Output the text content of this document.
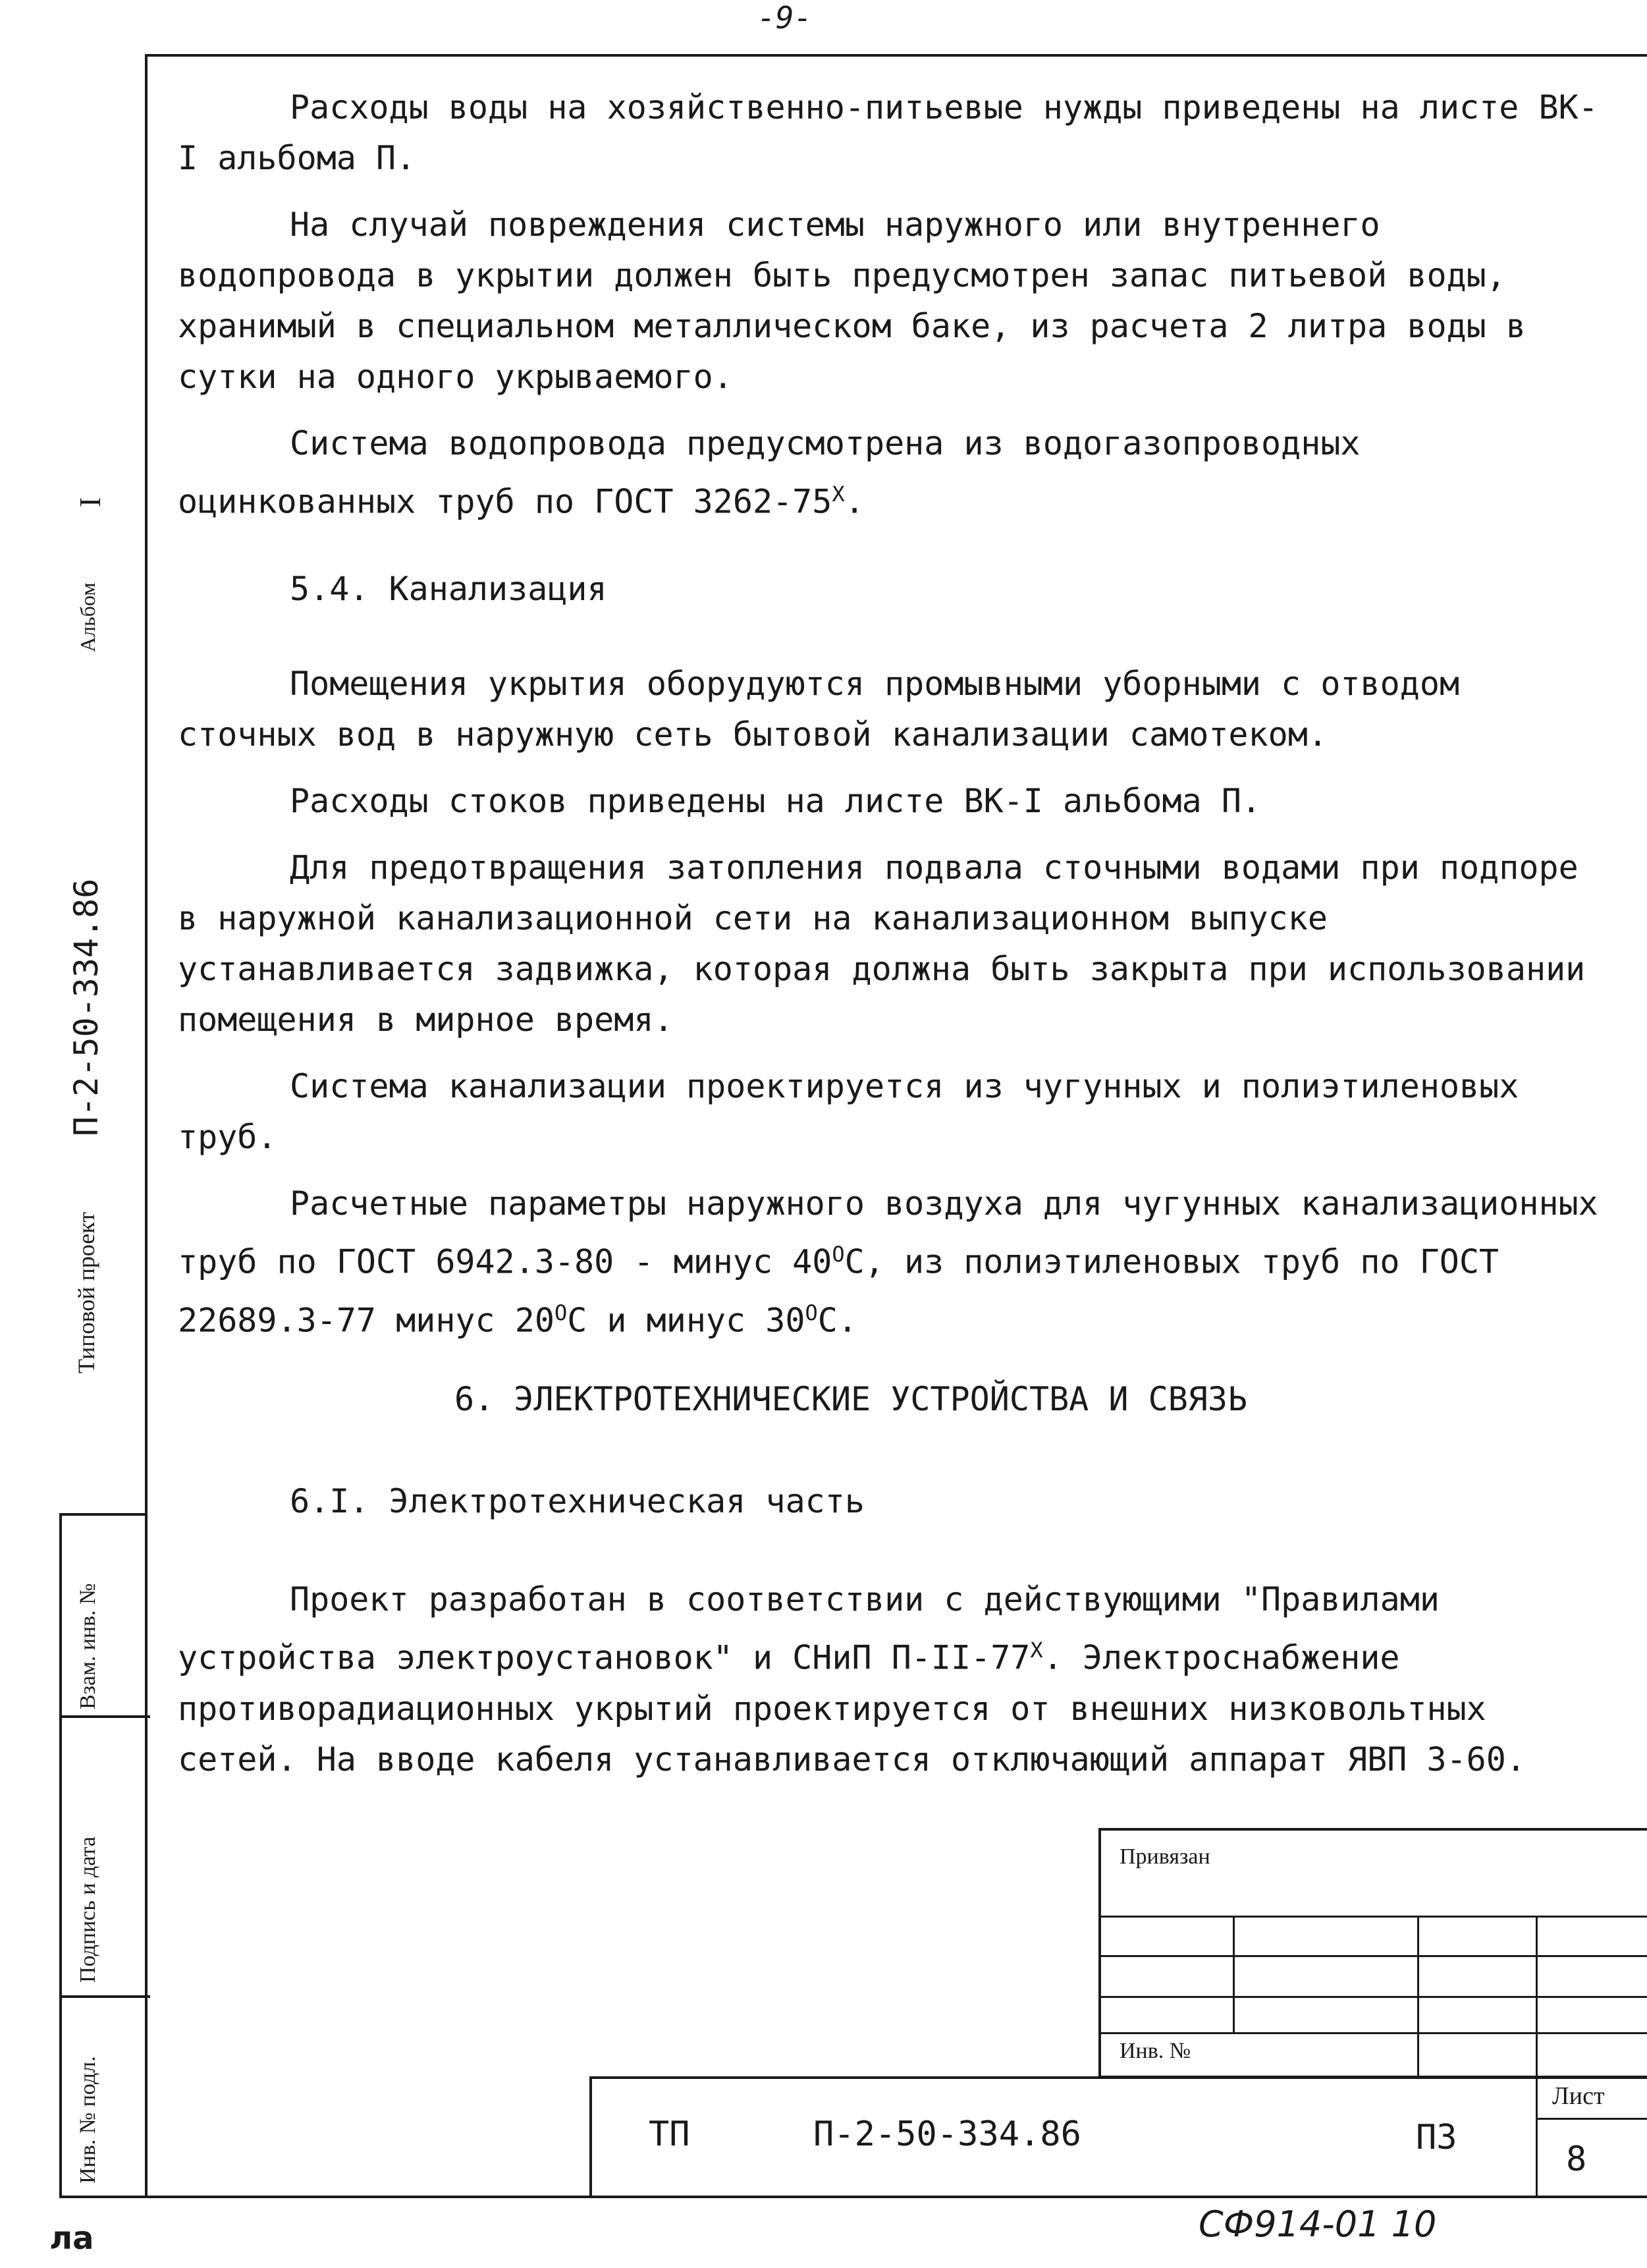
-9-
Альбом
I
Типовой проект
П-2-50-334.86
Взам. инв. №
Подпись и дата
Инв. № подл.

Расходы воды на хозяйственно-питьевые нужды приведены на листе ВК-I альбома П.

На случай повреждения системы наружного или внутреннего водопровода в укрытии должен быть предусмотрен запас питьевой воды, хранимый в специальном металлическом баке, из расчета 2 литра воды в сутки на одного укрываемого.

Система водопровода предусмотрена из водогазопроводных оцинкованных труб по ГОСТ $3262-75^X$.

5.4. Канализация

Помещения укрытия оборудуются промывными уборными с отводом сточных вод в наружную сеть бытовой канализации самотеком.

Расходы стоков приведены на листе ВК-I альбома П.

Для предотвращения затопления подвала сточными водами при подпоре в наружной канализационной сети на канализационном выпуске устанавливается задвижка, которая должна быть закрыта при использовании помещения в мирное время.

Система канализации проектируется из чугунных и полиэтиленовых труб.

Расчетные параметры наружного воздуха для чугунных канализационных труб по ГОСТ 6942.3-80 - минус $40^OС$, из полиэтиленовых труб по ГОСТ 22689.3-77 минус $20^OС$ и минус $30^OС$.

6. ЭЛЕКТРОТЕХНИЧЕСКИЕ УСТРОЙСТВА И СВЯЗЬ
6.I. Электротехническая часть

Проект разработан в соответствии с действующими "Правилами устройства электроустановок" и СНиП $П-II-77^X$. Электроснабжение противорадиационных укрытий проектируется от внешних низковольтных сетей. На вводе кабеля устанавливается отключающий аппарат ЯВП 3-60.

Привязан
Инв. №
ТП	П-2-50-334.86	ПЗ
Лист
8
СФ914-01 10
ла
